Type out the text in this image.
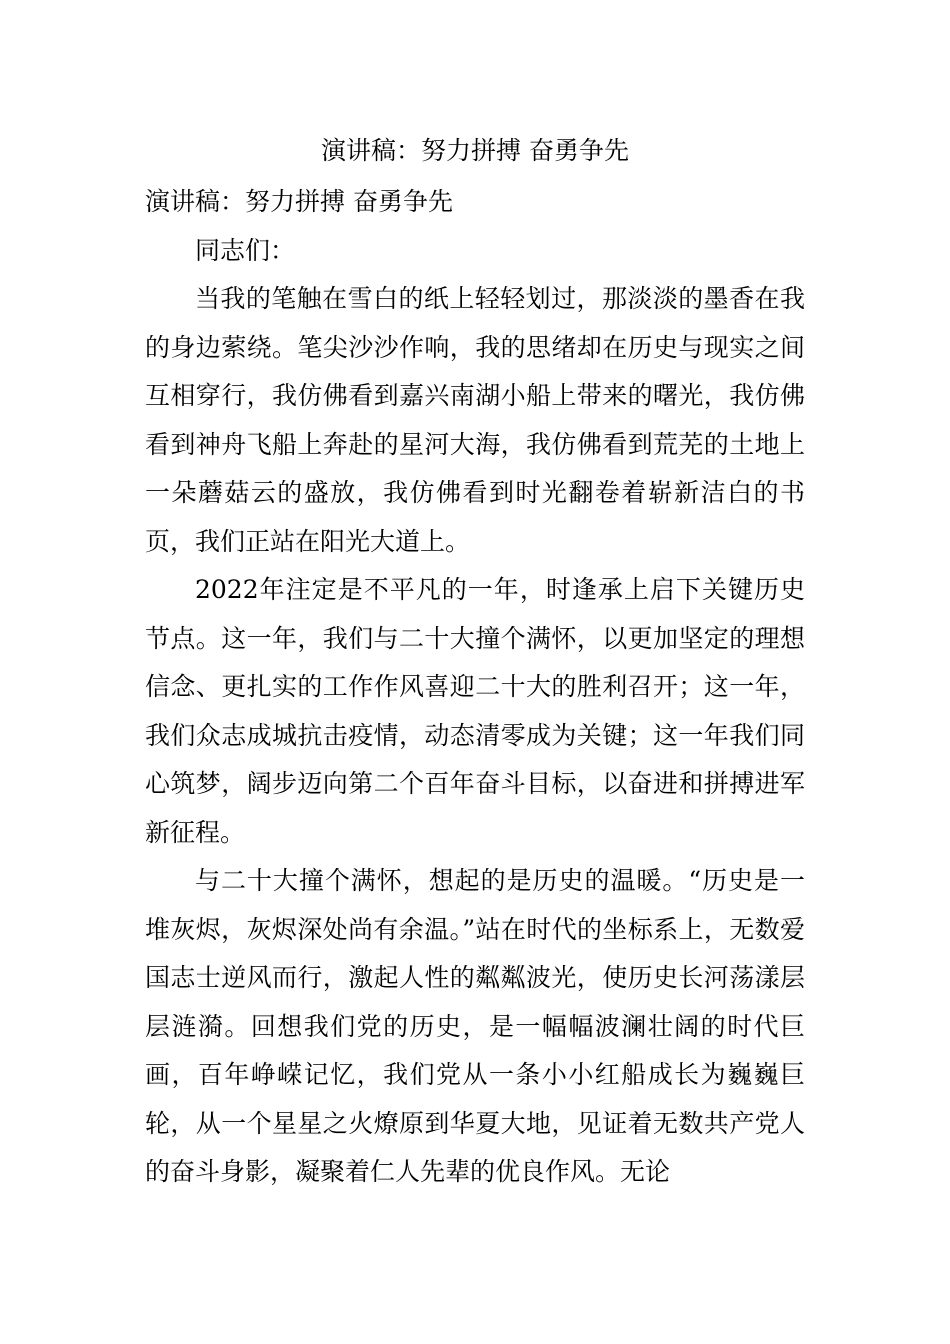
演讲稿：努力拼搏 奋勇争先

演讲稿：努力拼搏 奋勇争先

同志们：

当我的笔触在雪白的纸上轻轻划过，那淡淡的墨香在我的身边萦绕。笔尖沙沙作响，我的思绪却在历史与现实之间互相穿行，我仿佛看到嘉兴南湖小船上带来的曙光，我仿佛看到神舟飞船上奔赴的星河大海，我仿佛看到荒芜的土地上一朵蘑菇云的盛放，我仿佛看到时光翻卷着崭新洁白的书页，我们正站在阳光大道上。

2022年注定是不平凡的一年，时逢承上启下关键历史节点。这一年，我们与二十大撞个满怀，以更加坚定的理想信念、更扎实的工作作风喜迎二十大的胜利召开；这一年，我们众志成城抗击疫情，动态清零成为关键；这一年我们同心筑梦，阔步迈向第二个百年奋斗目标，以奋进和拼搏进军新征程。

与二十大撞个满怀，想起的是历史的温暖。“历史是一堆灰烬，灰烬深处尚有余温。”站在时代的坐标系上，无数爱国志士逆风而行，激起人性的粼粼波光，使历史长河荡漾层层涟漪。回想我们党的历史，是一幅幅波澜壮阔的时代巨画，百年峥嵘记忆，我们党从一条小小红船成长为巍巍巨轮，从一个星星之火燎原到华夏大地，见证着无数共产党人的奋斗身影，凝聚着仁人先辈的优良作风。无论
